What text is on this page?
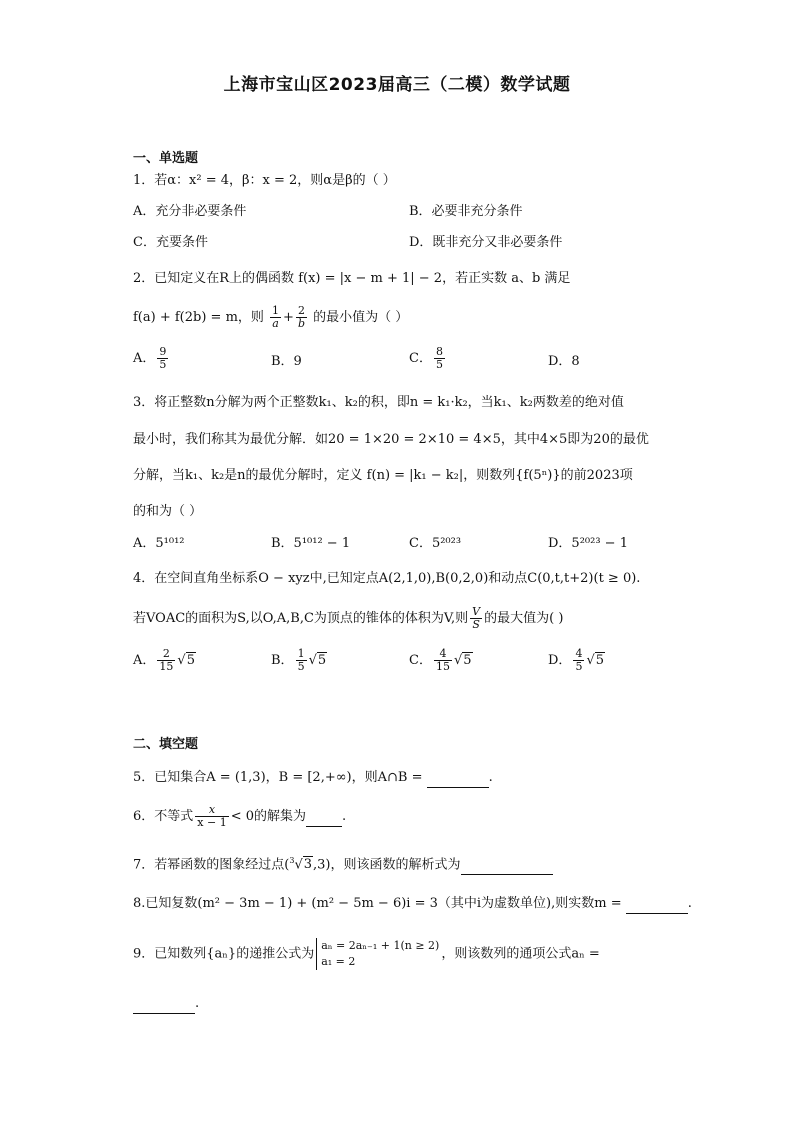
上海市宝山区2023届高三（二模）数学试题
一、单选题
1．若α：x² = 4，β：x = 2，则α是β的（ ）
A．充分非必要条件	B．必要非充分条件
C．充要条件	D．既非充分又非必要条件
2．已知定义在R上的偶函数 f(x) = |x − m + 1| − 2，若正实数 a、b 满足
f(a) + f(2b) = m，则 $\frac{1}{a} + \frac{2}{b}$ 的最小值为（ ）
A． $\frac{9}{5}$	B．9	C． $\frac{8}{5}$	D．8
3．将正整数n分解为两个正整数k₁、k₂的积，即n = k₁·k₂，当k₁、k₂两数差的绝对值
最小时，我们称其为最优分解．如20 = 1×20 = 2×10 = 4×5，其中4×5即为20的最优
分解，当k₁、k₂是n的最优分解时，定义 f(n) = |k₁ − k₂|，则数列{f(5ⁿ)}的前2023项
的和为（ ）
A．5¹⁰¹²	B．5¹⁰¹² − 1	C．5²⁰²³	D．5²⁰²³ − 1
4．在空间直角坐标系O − xyz中,已知定点A(2,1,0),B(0,2,0)和动点C(0,t,t+2)(t ≥ 0).
若VOAC的面积为S,以O,A,B,C为顶点的锥体的体积为V,则 $\frac{V}{S}$ 的最大值为( )
A． $\frac{2}{15} √5$	B． $\frac{1}{5} √5$	C． $\frac{4}{15} √5$	D． $\frac{4}{5} √5$
二、填空题
5．已知集合A = (1,3)，B = [2,+∞)，则A∩B =	.
6．不等式 $\frac{x}{x - 1} < 0$的解集为	.
7．若幂函数的图象经过点($^3$√3,3)，则该函数的解析式为
8.已知复数(m² − 3m − 1) + (m² − 5m − 6)i = 3（其中i为虚数单位),则实数m =	.
9．已知数列{aₙ}的递推公式为
aₙ = 2aₙ₋₁ + 1(n ≥ 2)
a₁ = 2	，则该数列的通项公式aₙ =
.
